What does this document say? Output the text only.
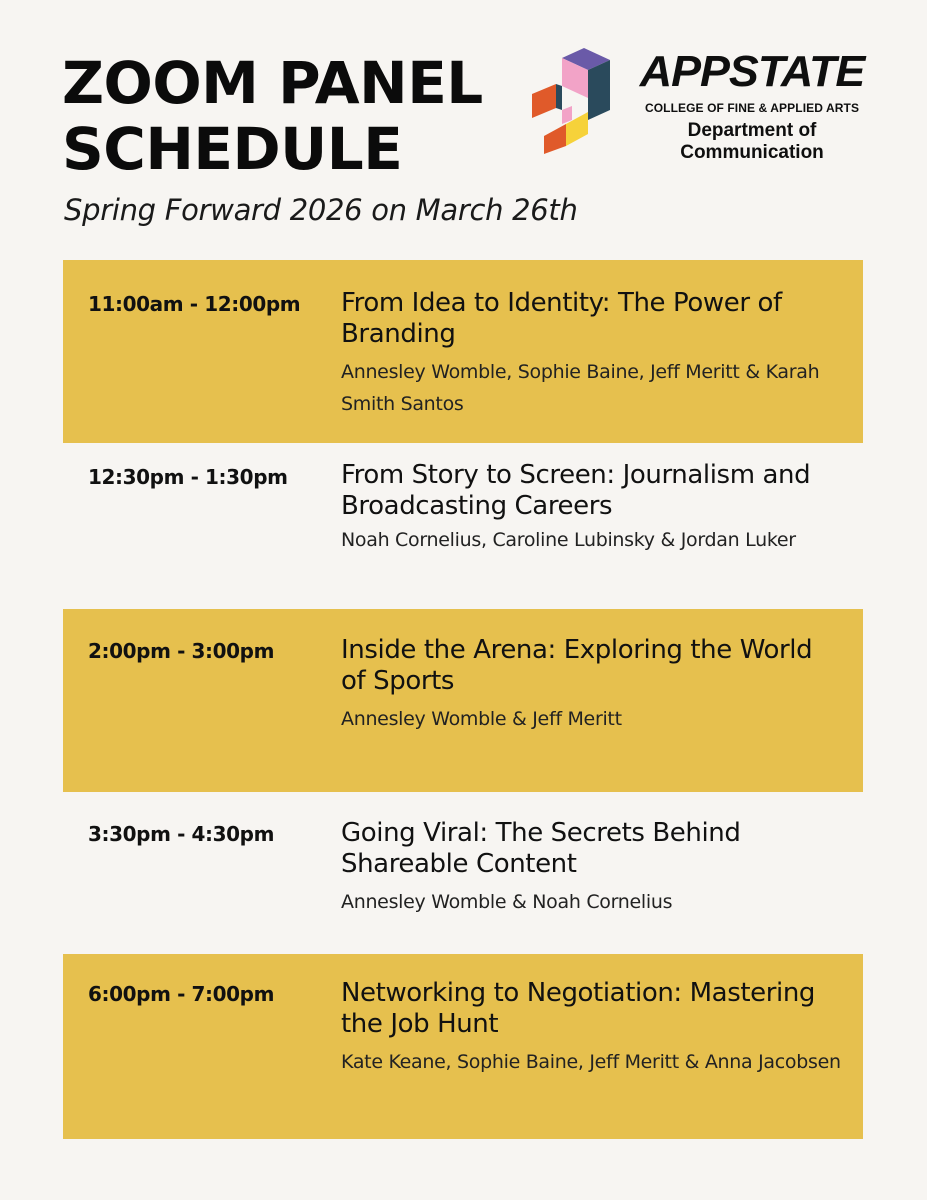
ZOOM PANEL
SCHEDULE
Spring Forward 2026 on March 26th
APPSTATE
COLLEGE OF FINE & APPLIED ARTS
Department of
Communication
11:00am - 12:00pm From Idea to Identity: The Power of Branding
Annesley Womble, Sophie Baine, Jeff Meritt & Karah Smith Santos
12:30pm - 1:30pm From Story to Screen: Journalism and Broadcasting Careers
Noah Cornelius, Caroline Lubinsky & Jordan Luker
2:00pm - 3:00pm	Inside the Arena: Exploring the World of Sports
Annesley Womble & Jeff Meritt
3:30pm - 4:30pm	Going Viral: The Secrets Behind Shareable Content
Annesley Womble & Noah Cornelius
6:00pm - 7:00pm	Networking to Negotiation: Mastering the Job Hunt
Kate Keane, Sophie Baine, Jeff Meritt & Anna Jacobsen
